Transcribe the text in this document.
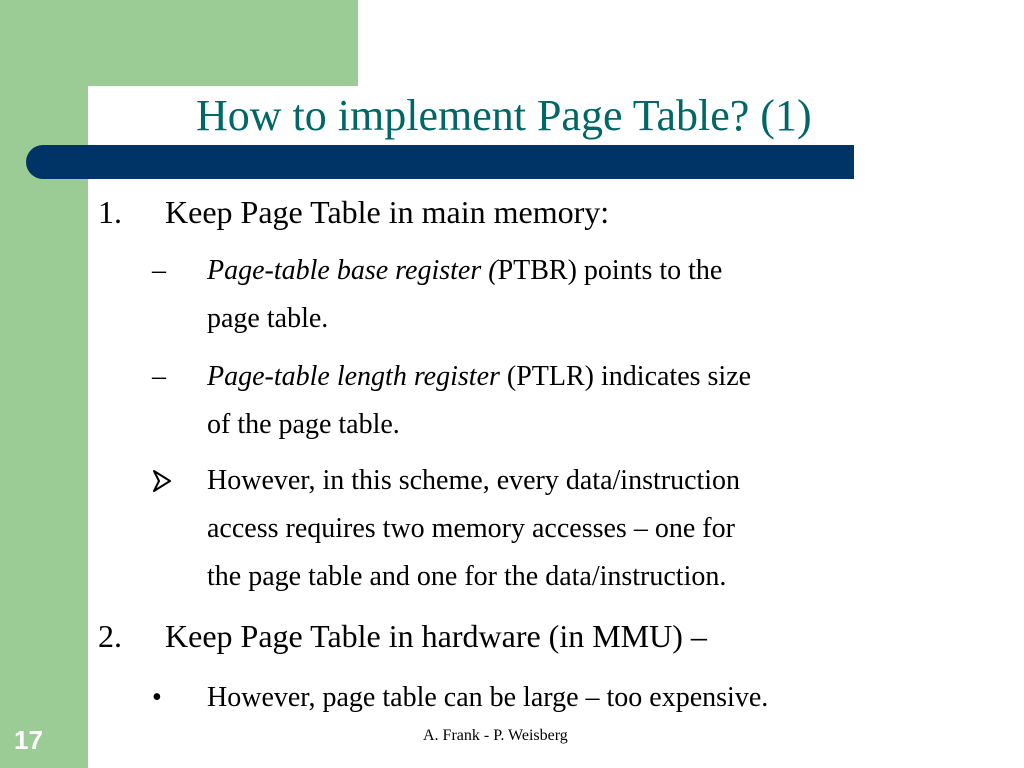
How to implement Page Table? (1)
1. Keep Page Table in main memory:
– Page-table base register (PTBR) points to the
page table.
– Page-table length register (PTLR) indicates size
of the page table.
However, in this scheme, every data/instruction
access requires two memory accesses – one for
the page table and one for the data/instruction.
2. Keep Page Table in hardware (in MMU) –
• However, page table can be large – too expensive.
17	A. Frank - P. Weisberg
